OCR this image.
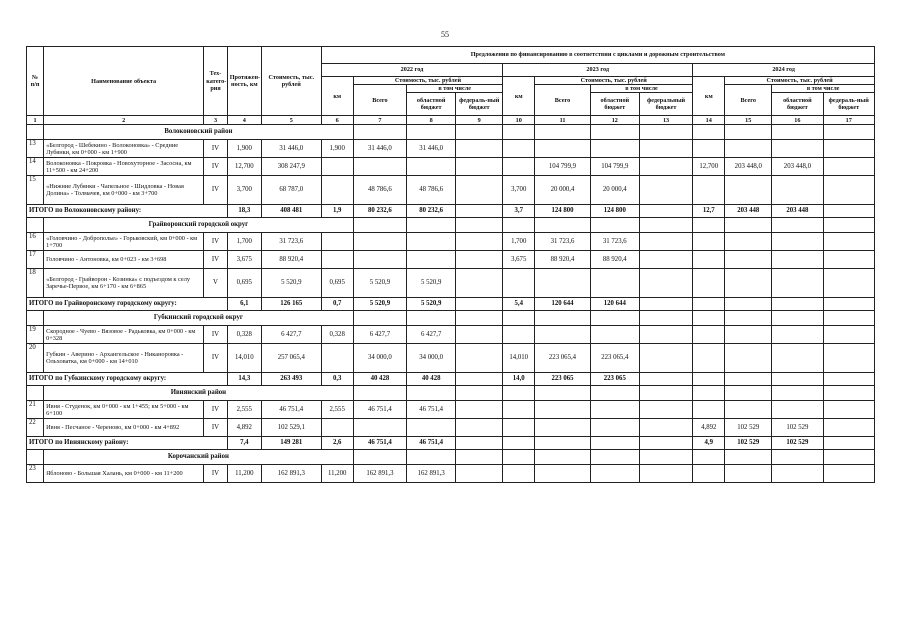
55
№ п/п	Наименование объекта	Тех-катего-рия	Протяжен-ность, км	Стоимость, тыс. рублей	Предложения по финансированию в соответствии с циклами и дорожным строительством											
					2022 год				2023 год				2024 год			
					км	Стоимость, тыс. рублей			км	Стоимость, тыс. рублей			км	Стоимость, тыс. рублей		
						Всего	в том числе			Всего	в том числе			Всего	в том числе	
							областной бюджет	федераль-ный бюджет			областной бюджет	федеральный бюджет			областной бюджет	федераль-ный бюджет
1	2	3	4	5	6	7	8	9	10	11	12	13	14	15	16	17
	Волоконовский район															
13	«Белгород - Шебекино - Волоконовка» - Средние Лубянки, км 0+000 - км 1+900	IV	1,900	31 446,0	1,900	31 446,0	31 446,0									
14	Волоконовка - Покровка - Новохуторное - Засосна, км 11+500 - км 24+200	IV	12,700	308 247,9						104 799,9	104 799,9		12,700	203 448,0	203 448,0	
15	«Нижние Лубянки - Чапельное - Шидловка - Новая Долина» - Толмачев, км 0+000 - км 3+700	IV	3,700	68 787,0		48 786,6	48 786,6		3,700	20 000,4	20 000,4					
ИТОГО по Волоконовскому району:			18,3	408 481	1,9	80 232,6	80 232,6		3,7	124 800	124 800		12,7	203 448	203 448	
	Грайворонский городской округ															
16	«Головчино - Доброполье» - Горьковский, км 0+000 - км 1+700	IV	1,700	31 723,6					1,700	31 723,6	31 723,6					
17	Головчино - Антоновка, км 0+023 - км 3+698	IV	3,675	88 920,4					3,675	88 920,4	88 920,4					
18	«Белгород - Грайворон - Козинка» с подъездом к селу Заречье-Первое, км 6+170 - км 6+865	V	0,695	5 520,9	0,695	5 520,9	5 520,9									
ИТОГО по Грайворонскому городскому округу:			6,1	126 165	0,7	5 520,9	5 520,9		5,4	120 644	120 644					
	Губкинский городской округ															
19	Скороднoе - Чуево - Вязовое - Радьковка, км 0+000 - км 0+328	IV	0,328	6 427,7	0,328	6 427,7	6 427,7									
20	Губкин - Аверино - Архангельское - Никаноровка - Ольховатка, км 0+000 - км 14+010	IV	14,010	257 065,4		34 000,0	34 000,0		14,010	223 065,4	223 065,4					
ИТОГО по Губкинскому городскому округу:			14,3	263 493	0,3	40 428	40 428		14,0	223 065	223 065					
	Ивнянский район															
21	Ивня - Студенок, км 0+000 - км 1+455; км 5+000 - км 6+100	IV	2,555	46 751,4	2,555	46 751,4	46 751,4									
22	Ивня - Песчаное - Череново, км 0+000 - км 4+892	IV	4,892	102 529,1									4,892	102 529	102 529	
ИТОГО по Ивнянскому району:			7,4	149 281	2,6	46 751,4	46 751,4						4,9	102 529	102 529	
	Корочанский район															
23	Яблоново - Большая Халань, км 0+000 - км 11+200	IV	11,200	162 891,3	11,200	162 891,3	162 891,3									
